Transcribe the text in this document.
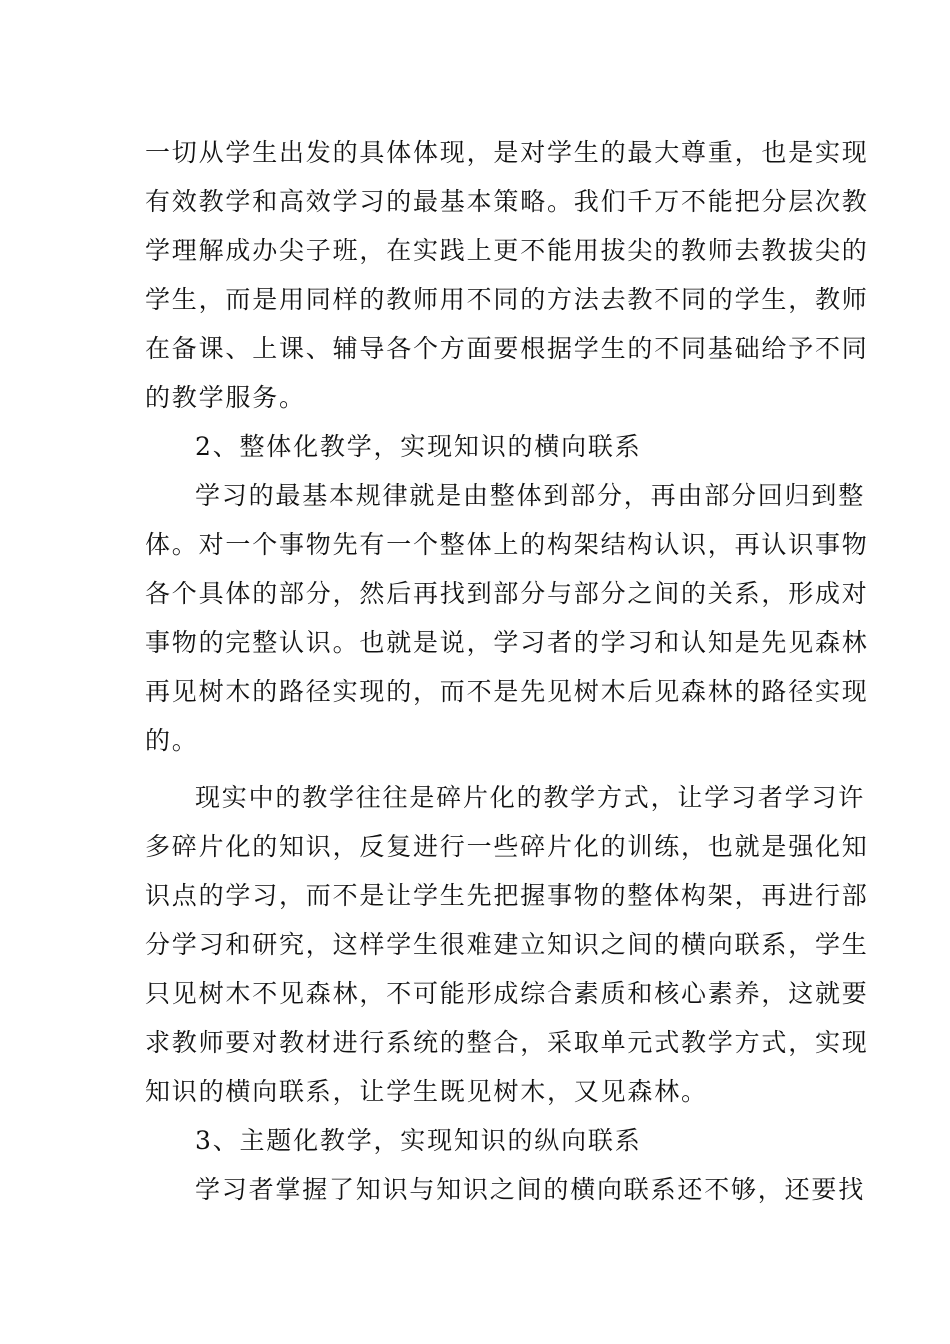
一切从学生出发的具体体现，是对学生的最大尊重，也是实现
有效教学和高效学习的最基本策略。我们千万不能把分层次教
学理解成办尖子班，在实践上更不能用拔尖的教师去教拔尖的
学生，而是用同样的教师用不同的方法去教不同的学生，教师
在备课、上课、辅导各个方面要根据学生的不同基础给予不同
的教学服务。
2、整体化教学，实现知识的横向联系
学习的最基本规律就是由整体到部分，再由部分回归到整
体。对一个事物先有一个整体上的构架结构认识，再认识事物
各个具体的部分，然后再找到部分与部分之间的关系，形成对
事物的完整认识。也就是说，学习者的学习和认知是先见森林
再见树木的路径实现的，而不是先见树木后见森林的路径实现
的。
现实中的教学往往是碎片化的教学方式，让学习者学习许
多碎片化的知识，反复进行一些碎片化的训练，也就是强化知
识点的学习，而不是让学生先把握事物的整体构架，再进行部
分学习和研究，这样学生很难建立知识之间的横向联系，学生
只见树木不见森林，不可能形成综合素质和核心素养，这就要
求教师要对教材进行系统的整合，采取单元式教学方式，实现
知识的横向联系，让学生既见树木，又见森林。
3、主题化教学，实现知识的纵向联系
学习者掌握了知识与知识之间的横向联系还不够，还要找
